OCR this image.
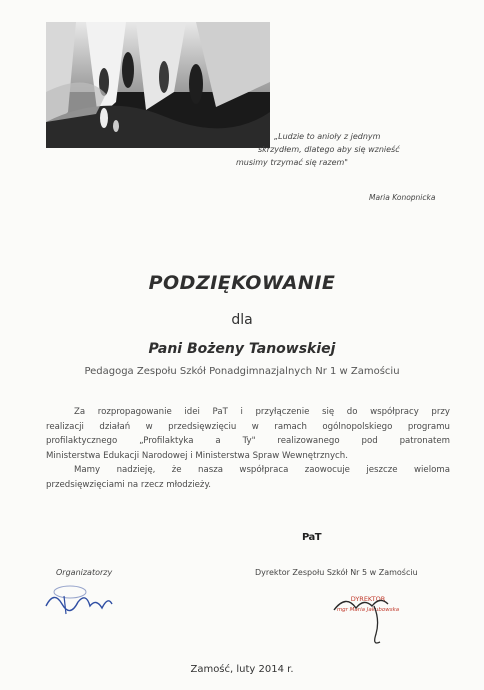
„Ludzie to anioły z jednym
skrzydłem, dlatego aby się wznieść
musimy trzymać się razem"
Maria Konopnicka
PODZIĘKOWANIE
dla
Pani Bożeny Tanowskiej
Pedagoga Zespołu Szkół Ponadgimnazjalnych Nr 1 w Zamościu
Za rozpropagowanie idei PaT i przyłączenie się do współpracy przy
realizacji działań w przedsięwzięciu w ramach ogólnopolskiego programu
profilaktycznego „Profilaktyka a Ty" realizowanego pod patronatem
Ministerstwa Edukacji Narodowej i Ministerstwa Spraw Wewnętrznych.
Mamy nadzieję, że nasza współpraca zaowocuje jeszcze wieloma
przedsięwzięciami na rzecz młodzieży.
PaT
Organizatorzy	Dyrektor Zespołu Szkół Nr 5 w Zamościu
DYREKTOR
mgr Maria Jakubowska
Zamość, luty 2014 r.
